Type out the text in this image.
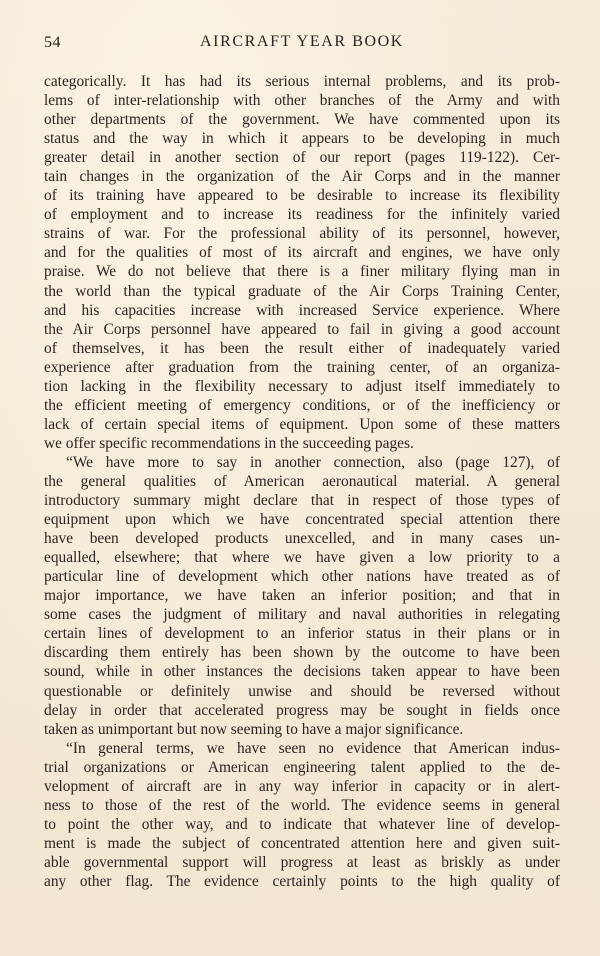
54	AIRCRAFT YEAR BOOK
categorically. It has had its serious internal problems, and its prob-
lems of inter-relationship with other branches of the Army and with
other departments of the government. We have commented upon its
status and the way in which it appears to be developing in much
greater detail in another section of our report (pages 119-122). Cer-
tain changes in the organization of the Air Corps and in the manner
of its training have appeared to be desirable to increase its flexibility
of employment and to increase its readiness for the infinitely varied
strains of war. For the professional ability of its personnel, however,
and for the qualities of most of its aircraft and engines, we have only
praise. We do not believe that there is a finer military flying man in
the world than the typical graduate of the Air Corps Training Center,
and his capacities increase with increased Service experience. Where
the Air Corps personnel have appeared to fail in giving a good account
of themselves, it has been the result either of inadequately varied
experience after graduation from the training center, of an organiza-
tion lacking in the flexibility necessary to adjust itself immediately to
the efficient meeting of emergency conditions, or of the inefficiency or
lack of certain special items of equipment. Upon some of these matters
we offer specific recommendations in the succeeding pages.
“We have more to say in another connection, also (page 127), of
the general qualities of American aeronautical material. A general
introductory summary might declare that in respect of those types of
equipment upon which we have concentrated special attention there
have been developed products unexcelled, and in many cases un-
equalled, elsewhere; that where we have given a low priority to a
particular line of development which other nations have treated as of
major importance, we have taken an inferior position; and that in
some cases the judgment of military and naval authorities in relegating
certain lines of development to an inferior status in their plans or in
discarding them entirely has been shown by the outcome to have been
sound, while in other instances the decisions taken appear to have been
questionable or definitely unwise and should be reversed without
delay in order that accelerated progress may be sought in fields once
taken as unimportant but now seeming to have a major significance.
“In general terms, we have seen no evidence that American indus-
trial organizations or American engineering talent applied to the de-
velopment of aircraft are in any way inferior in capacity or in alert-
ness to those of the rest of the world. The evidence seems in general
to point the other way, and to indicate that whatever line of develop-
ment is made the subject of concentrated attention here and given suit-
able governmental support will progress at least as briskly as under
any other flag. The evidence certainly points to the high quality of
